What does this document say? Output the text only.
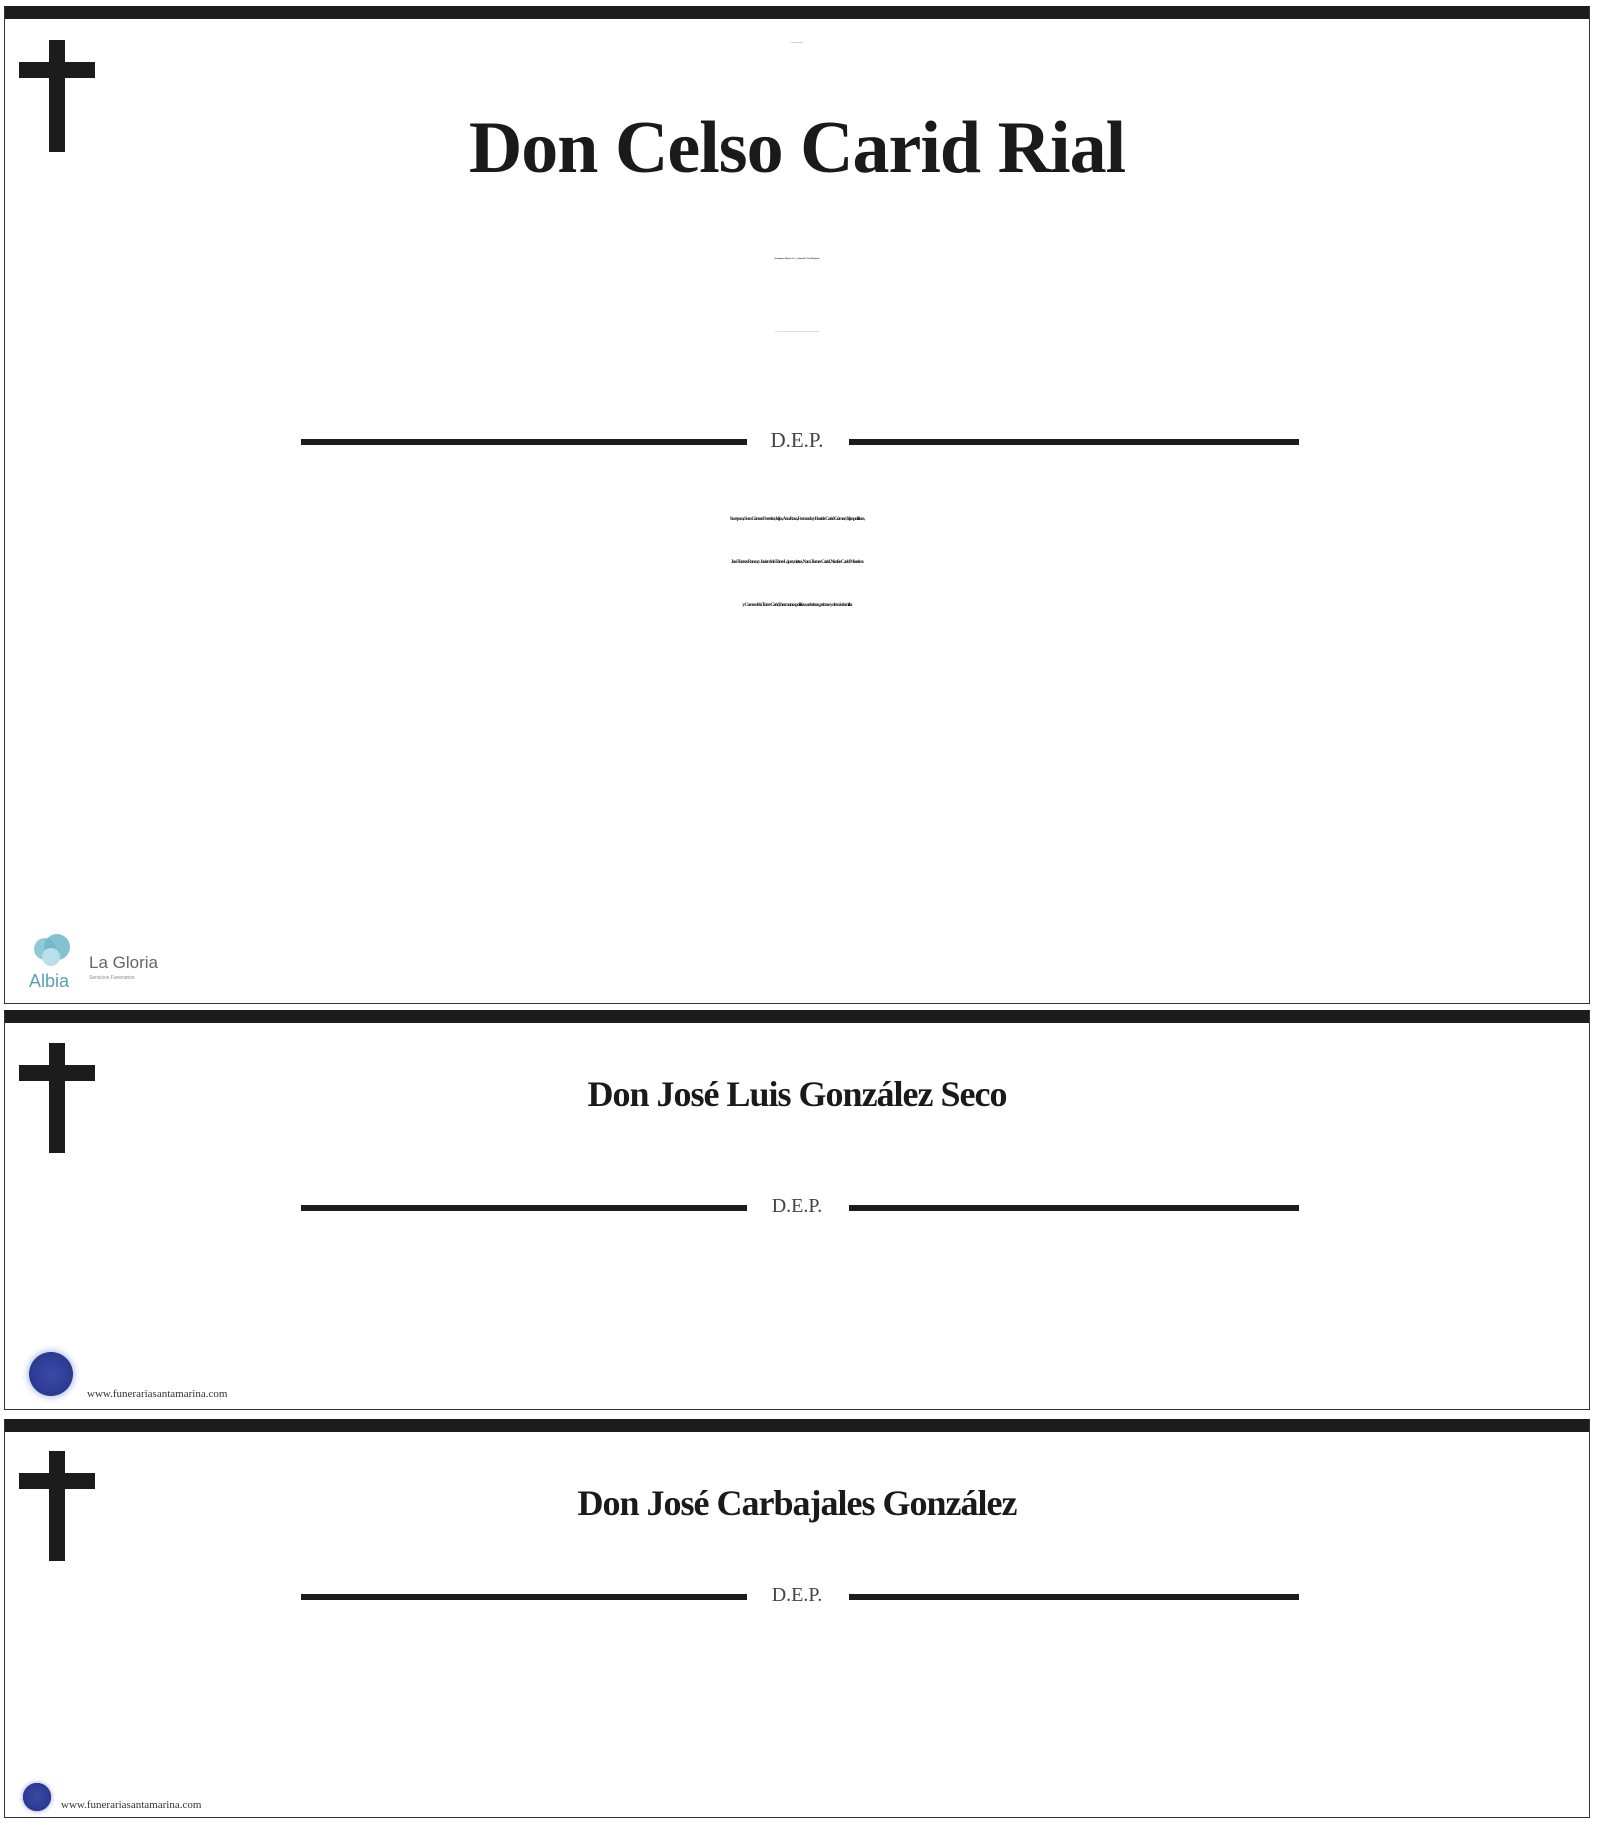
Rogad a Dios por el alma de
Don Celso Carid Rial
(Promotora Drinco S.L. y Comercial Celso Pinturas)
Que falleció el 10 de noviembre de 2025, en Ourense, a los 81 años, confortado con los Santos Sacramentos
D.E.P.
Su esposa, Susa Gómez Ferreiro; hijos, Ana Rosa, Fernando y Beatriz Carid Gómez; hijos políticos,
José Turnes Rama y Javier de la Torre López; nietos, Nara Turnes Carid, Nicolás Carid Moreiras
y Cosme de la Torre Carid; hermanos políticos, sobrinos, primos y demás familia
Albia
La Gloria
Servicios Funerarios
Don José Luis González Seco
D.E.P.
www.funerariasantamarina.com
Don José Carbajales González
D.E.P.
www.funerariasantamarina.com
